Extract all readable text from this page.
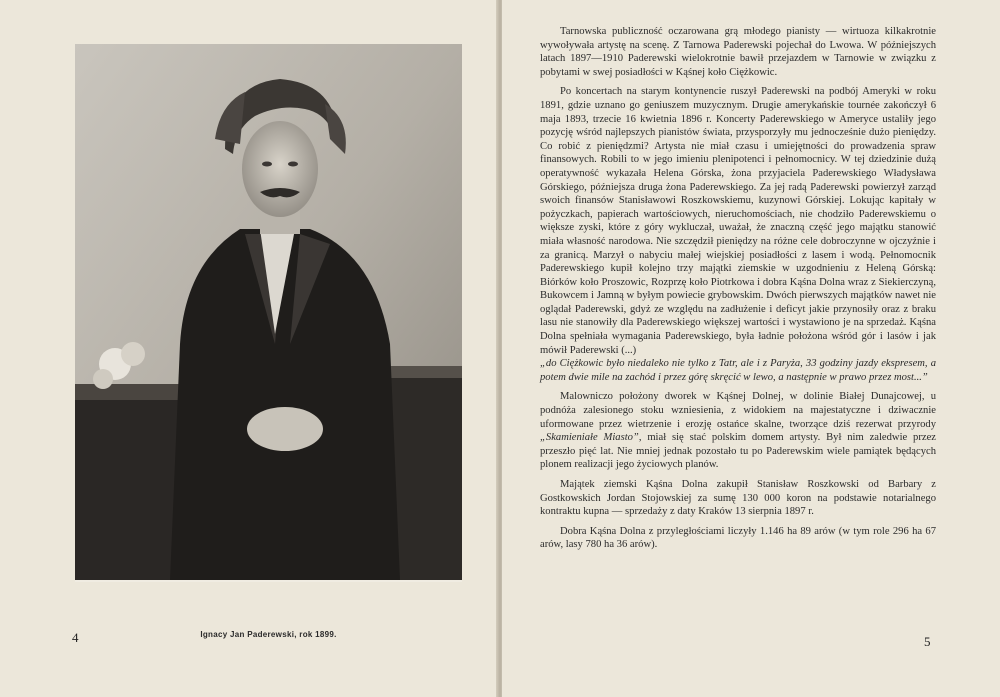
Ignacy Jan Paderewski, rok 1899.
4

Tarnowska publiczność oczarowana grą młodego pianisty — wirtuoza kilkakrotnie wywoływała artystę na scenę. Z Tarnowa Paderewski pojechał do Lwowa. W późniejszych latach 1897—1910 Paderewski wielokrotnie bawił przejazdem w Tarnowie w związku z pobytami w swej posiadłości w Kąśnej koło Ciężkowic.

Po koncertach na starym kontynencie ruszył Paderewski na podbój Ameryki w roku 1891, gdzie uznano go geniuszem muzycznym. Drugie amerykańskie tournée zakończył 6 maja 1893, trzecie 16 kwietnia 1896 r. Koncerty Paderewskiego w Ameryce ustaliły jego pozycję wśród najlepszych pianistów świata, przysporzyły mu jednocześnie dużo pieniędzy. Co robić z pieniędzmi? Artysta nie miał czasu i umiejętności do prowadzenia spraw finansowych. Robili to w jego imieniu plenipotenci i pełnomocnicy. W tej dziedzinie dużą operatywność wykazała Helena Górska, żona przyjaciela Paderewskiego Władysława Górskiego, późniejsza druga żona Paderewskiego. Za jej radą Paderewski powierzył zarząd swoich finansów Stanisławowi Roszkowskiemu, kuzynowi Górskiej. Lokując kapitały w pożyczkach, papierach wartościowych, nieruchomościach, nie chodziło Paderewskiemu o większe zyski, które z góry wykluczał, uważał, że znaczną część jego majątku stanowić miała własność narodowa. Nie szczędził pieniędzy na różne cele dobroczynne w ojczyźnie i za granicą. Marzył o nabyciu małej wiejskiej posiadłości z lasem i wodą. Pełnomocnik Paderewskiego kupił kolejno trzy majątki ziemskie w uzgodnieniu z Heleną Górską: Biórków koło Proszowic, Rozprzę koło Piotrkowa i dobra Kąśna Dolna wraz z Siekierczyną, Bukowcem i Jamną w byłym powiecie grybowskim. Dwóch pierwszych majątków nawet nie oglądał Paderewski, gdyż ze względu na zadłużenie i deficyt jakie przynosiły oraz z braku lasu nie stanowiły dla Paderewskiego większej wartości i wystawiono je na sprzedaż. Kąśna Dolna spełniała wymagania Paderewskiego, była ładnie położona wśród gór i lasów i jak mówił Paderewski (...)

„do Ciężkowic było niedaleko nie tylko z Tatr, ale i z Paryża, 33 godziny jazdy ekspresem, a potem dwie mile na zachód i przez górę skręcić w lewo, a następnie w prawo przez most...”

Malowniczo położony dworek w Kąśnej Dolnej, w dolinie Białej Dunajcowej, u podnóża zalesionego stoku wzniesienia, z widokiem na majestatyczne i dziwacznie uformowane przez wietrzenie i erozję ostańce skalne, tworzące dziś rezerwat przyrody „Skamieniałe Miasto”, miał się stać polskim domem artysty. Był nim zaledwie przez przeszło pięć lat. Nie mniej jednak pozostało tu po Paderewskim wiele pamiątek będących plonem realizacji jego życiowych planów.

Majątek ziemski Kąśna Dolna zakupił Stanisław Roszkowski od Barbary z Gostkowskich Jordan Stojowskiej za sumę 130 000 koron na podstawie notarialnego kontraktu kupna — sprzedaży z daty Kraków 13 sierpnia 1897 r.

Dobra Kąśna Dolna z przyległościami liczyły 1.146 ha 89 arów (w tym role 296 ha 67 arów, lasy 780 ha 36 arów).

5
